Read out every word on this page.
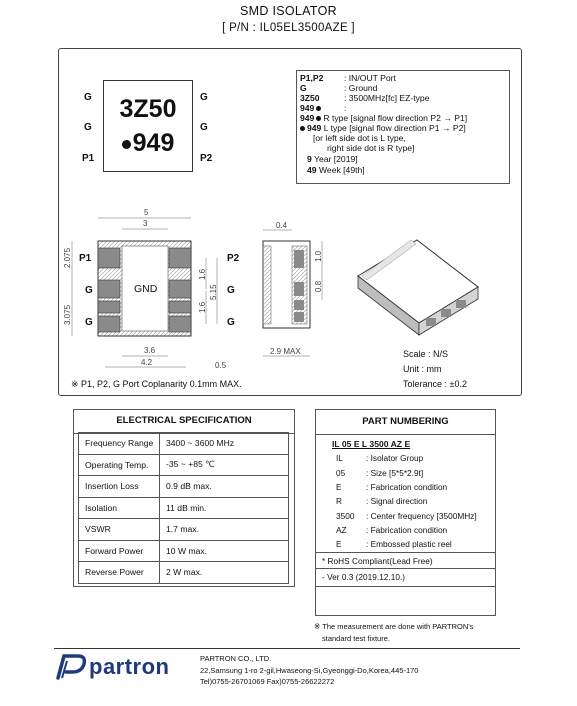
SMD ISOLATOR
[ P/N : IL05EL3500AZE ]
3Z50
949
G
G
P1
G
G
P2
P1,P2 : IN/OUT Port
G	: Ground
3Z50	: 3500MHz[fc] EZ-type
949	:
949 R type [signal flow direction P2 → P1]
949 L type [signal flow direction P1 → P2]
[or left side dot is L type,
right side dot is R type]
9 Year [2019]
49 Week [49th]
5
3
3.6
4.2	0.5
2.075
3.075
1.6
5.15
1.6
0.4
1.0
0.8
2.9 MAX
P1
G
G
P2
G
G
GND
Scale : N/S
Unit : mm
Tolerance : ±0.2
※ P1, P2, G Port Coplanarity 0.1mm MAX.
ELECTRICAL SPECIFICATION
Frequency Range	3400 ~ 3600 MHz
Operating Temp.	-35 ~ +85 ℃
Insertion Loss	0.9 dB max.
Isolation	11 dB min.
VSWR	1.7 max.
Forward Power	10 W max.
Reverse Power	2 W max.
PART NUMBERING
IL 05 E L 3500 AZ E
IL	: Isolator Group
05	: Size [5*5*2.9t]
E	: Fabrication condition
R	: Signal direction
3500 : Center frequency [3500MHz]
AZ : Fabrication condition
E	: Embossed plastic reel
* RoHS Compliant(Lead Free)
- Ver 0.3 (2019.12.10.)
※ The measurement are done with PARTRON's
standard test fixture.
partron	PARTRON CO., LTD.
22,Samsung 1-ro 2-gil,Hwaseong-Si,Gyeonggi-Do,Korea,445-170
Tel)0755-26701069 Fax)0755-26622272
